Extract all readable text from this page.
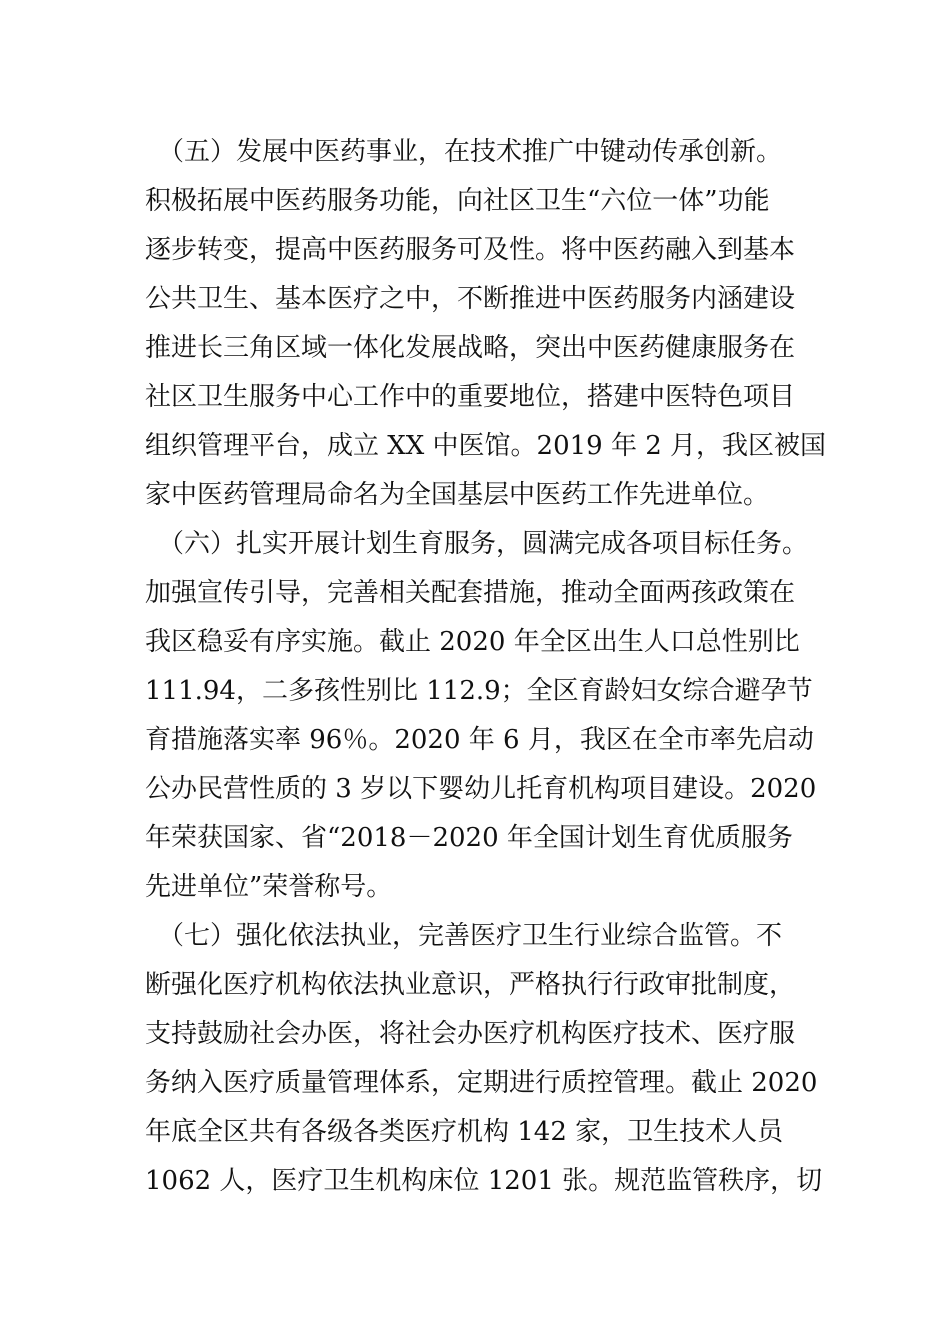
　（五）发展中医药事业，在技术推广中键动传承创新。
积极拓展中医药服务功能，向社区卫生“六位一体”功能
逐步转变，提高中医药服务可及性。将中医药融入到基本
公共卫生、基本医疗之中，不断推进中医药服务内涵建设
推进长三角区域一体化发展战略，突出中医药健康服务在
社区卫生服务中心工作中的重要地位，搭建中医特色项目
组织管理平台，成立 XX 中医馆。2019 年 2 月，我区被国
家中医药管理局命名为全国基层中医药工作先进单位。
　（六）扎实开展计划生育服务，圆满完成各项目标任务。
加强宣传引导，完善相关配套措施，推动全面两孩政策在
我区稳妥有序实施。截止 2020 年全区出生人口总性别比
111.94，二多孩性别比 112.9；全区育龄妇女综合避孕节
育措施落实率 96％。2020 年 6 月，我区在全市率先启动
公办民营性质的 3 岁以下婴幼儿托育机构项目建设。2020
年荣获国家、省“2018－2020 年全国计划生育优质服务
先进单位”荣誉称号。
　（七）强化依法执业，完善医疗卫生行业综合监管。不
断强化医疗机构依法执业意识，严格执行行政审批制度，
支持鼓励社会办医，将社会办医疗机构医疗技术、医疗服
务纳入医疗质量管理体系，定期进行质控管理。截止 2020
年底全区共有各级各类医疗机构 142 家，卫生技术人员
1062 人，医疗卫生机构床位 1201 张。规范监管秩序，切
